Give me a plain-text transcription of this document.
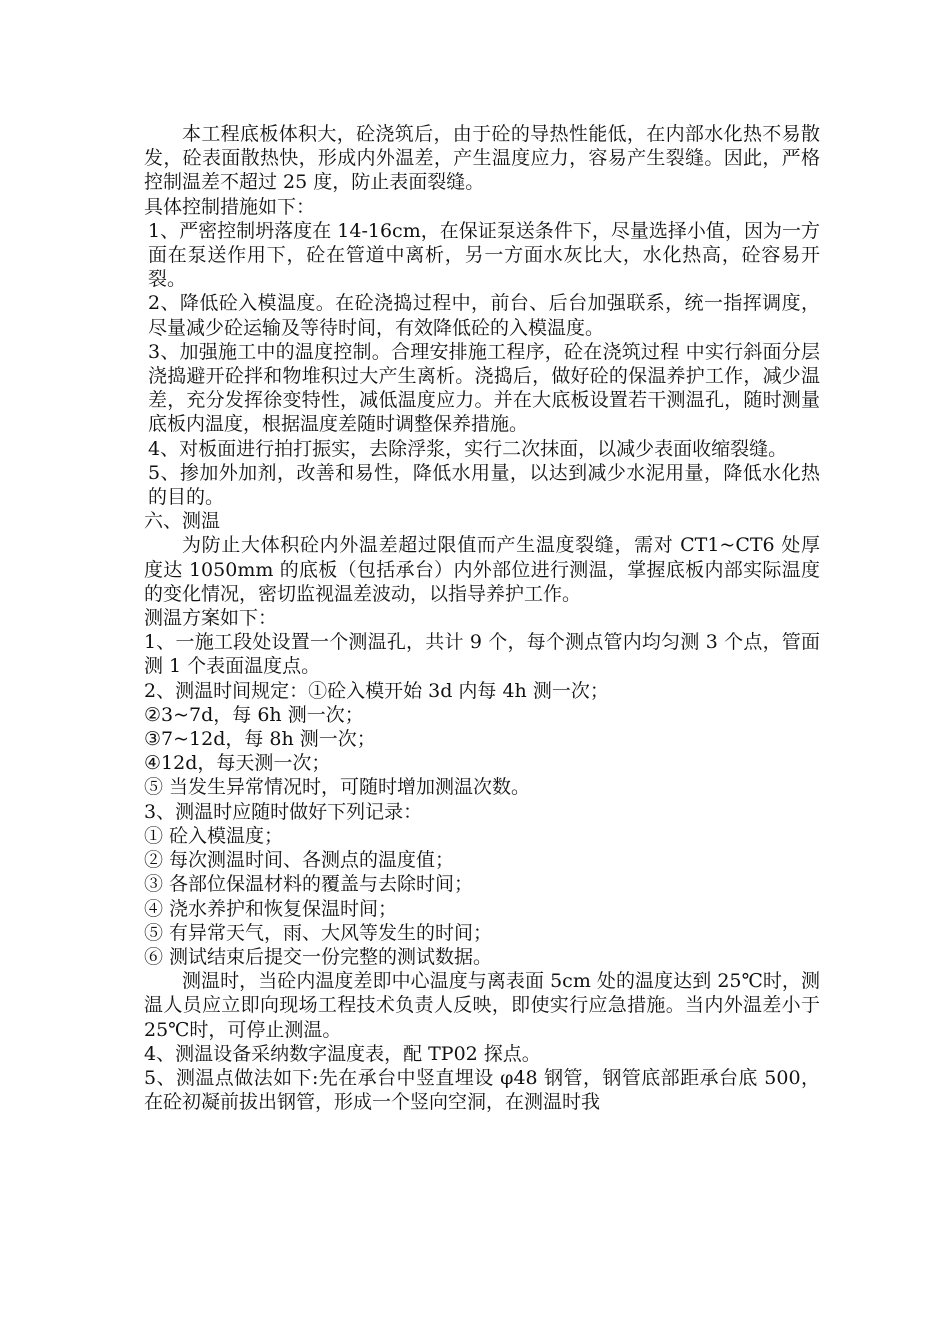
本工程底板体积大，砼浇筑后，由于砼的导热性能低，在内部水化热不易散发，砼表面散热快，形成内外温差，产生温度应力，容易产生裂缝。因此，严格控制温差不超过 25 度，防止表面裂缝。

具体控制措施如下：

1、严密控制坍落度在 14-16cm，在保证泵送条件下，尽量选择小值，因为一方面在泵送作用下，砼在管道中离析，另一方面水灰比大，水化热高，砼容易开裂。

2、降低砼入模温度。在砼浇捣过程中，前台、后台加强联系，统一指挥调度，尽量减少砼运输及等待时间，有效降低砼的入模温度。

3、加强施工中的温度控制。合理安排施工程序，砼在浇筑过程 中实行斜面分层浇捣避开砼拌和物堆积过大产生离析。浇捣后，做好砼的保温养护工作，减少温差，充分发挥徐变特性，减低温度应力。并在大底板设置若干测温孔，随时测量底板内温度，根据温度差随时调整保养措施。

4、对板面进行拍打振实，去除浮浆，实行二次抹面，以减少表面收缩裂缝。

5、掺加外加剂，改善和易性，降低水用量，以达到减少水泥用量，降低水化热的目的。

六、测温

为防止大体积砼内外温差超过限值而产生温度裂缝，需对 CT1~CT6 处厚度达 1050mm 的底板（包括承台）内外部位进行测温，掌握底板内部实际温度的变化情况，密切监视温差波动，以指导养护工作。

测温方案如下：

1、一施工段处设置一个测温孔，共计 9 个，每个测点管内均匀测 3 个点，管面测 1 个表面温度点。

2、测温时间规定：①砼入模开始 3d 内每 4h 测一次；

②3~7d，每 6h 测一次；

③7~12d，每 8h 测一次；

④12d，每天测一次；

⑤ 当发生异常情况时，可随时增加测温次数。

3、测温时应随时做好下列记录：

① 砼入模温度；

② 每次测温时间、各测点的温度值；

③ 各部位保温材料的覆盖与去除时间；

④ 浇水养护和恢复保温时间；

⑤ 有异常天气，雨、大风等发生的时间；

⑥ 测试结束后提交一份完整的测试数据。

测温时，当砼内温度差即中心温度与离表面 5cm 处的温度达到 25℃时，测温人员应立即向现场工程技术负责人反映，即使实行应急措施。当内外温差小于 25℃时，可停止测温。

4、测温设备采纳数字温度表，配 TP02 探点。

5、测温点做法如下:先在承台中竖直埋设 φ48 钢管，钢管底部距承台底 500，在砼初凝前拔出钢管，形成一个竖向空洞，在测温时我
